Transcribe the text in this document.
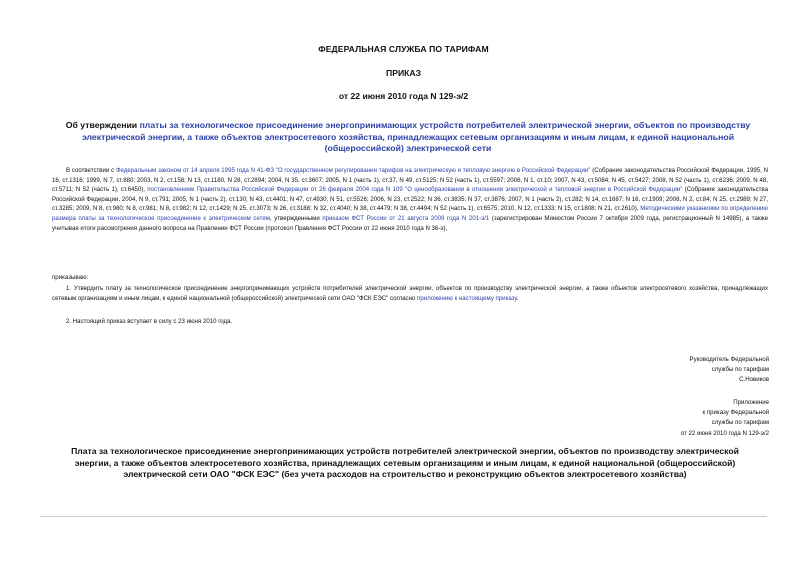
ФЕДЕРАЛЬНАЯ СЛУЖБА ПО ТАРИФАМ
ПРИКАЗ
от 22 июня 2010 года N 129-э/2
Об утверждении платы за технологическое присоединение энергопринимающих устройств потребителей электрической энергии, объектов по производству электрической энергии, а также объектов электросетевого хозяйства, принадлежащих сетевым организациям и иным лицам, к единой национальной (общероссийской) электрической сети
В соответствии с Федеральным законом от 14 апреля 1995 года N 41-ФЗ "О государственном регулировании тарифов на электрическую и тепловую энергию в Российской Федерации" (Собрание законодательства Российской Федерации, 1995, N 16, ст.1316; 1999, N 7, ст.880; 2003, N 2, ст.158; N 13, ст.1180, N 28, ст.2894; 2004, N 35, ст.3607; 2005, N 1 (часть 1), ст.37, N 49, ст.5125; N 52 (часть 1), ст.5597; 2006, N 1, ст.10; 2007, N 43, ст.5084; N 45, ст.5427; 2008, N 52 (часть 1), ст.6236; 2009, N 48, ст.5711; N 52 (часть 1), ст.6450), постановлением Правительства Российской Федерации от 26 февраля 2004 года N 109 "О ценообразовании в отношении электрической и тепловой энергии в Российской Федерации" (Собрание законодательства Российской Федерации, 2004, N 9, ст.791; 2005, N 1 (часть 2), ст.130; N 43, ст.4401; N 47, ст.4930; N 51, ст.5526; 2006, N 23, ст.2522; N 36, ст.3835; N 37, ст.3876; 2007, N 1 (часть 2), ст.282; N 14, ст.1687; N 16, ст.1909; 2008, N 2, ст.84; N 25, ст.2989; N 27, ст.3285; 2009, N 8, ст.980; N 8, ст.981; N 8, ст.982; N 12, ст.1429; N 25, ст.3073; N 26, ст.3188; N 32, ст.4040; N 38, ст.4479; N 38, ст.4494; N 52 (часть 1), ст.6575; 2010, N 12, ст.1333; N 15, ст.1808; N 21, ст.2610), Методическими указаниями по определению размера платы за технологическое присоединение к электрическим сетям, утвержденными приказом ФСТ России от 21 августа 2009 года N 201-э/1 (зарегистрирован Минюстом России 7 октября 2009 года, регистрационный N 14985), а также учитывая итоги рассмотрения данного вопроса на Правлении ФСТ России (протокол Правления ФСТ России от 22 июня 2010 года N 36-э),
приказываю:
1. Утвердить плату за технологическое присоединение энергопринимающих устройств потребителей электрической энергии, объектов по производству электрической энергии, а также объектов электросетевого хозяйства, принадлежащих сетевым организациям и иным лицам, к единой национальной (общероссийской) электрической сети ОАО "ФСК ЕЭС" согласно приложению к настоящему приказу.
2. Настоящий приказ вступает в силу с 23 июня 2010 года.
Руководитель Федеральной
службы по тарифам
С.Новиков
Приложение
к приказу Федеральной
службы по тарифам
от 22 июня 2010 года N 129-э/2
Плата за технологическое присоединение энергопринимающих устройств потребителей электрической энергии, объектов по производству электрической энергии, а также объектов электросетевого хозяйства, принадлежащих сетевым организациям и иным лицам, к единой национальной (общероссийской) электрической сети ОАО "ФСК ЕЭС" (без учета расходов на строительство и реконструкцию объектов электросетевого хозяйства)
